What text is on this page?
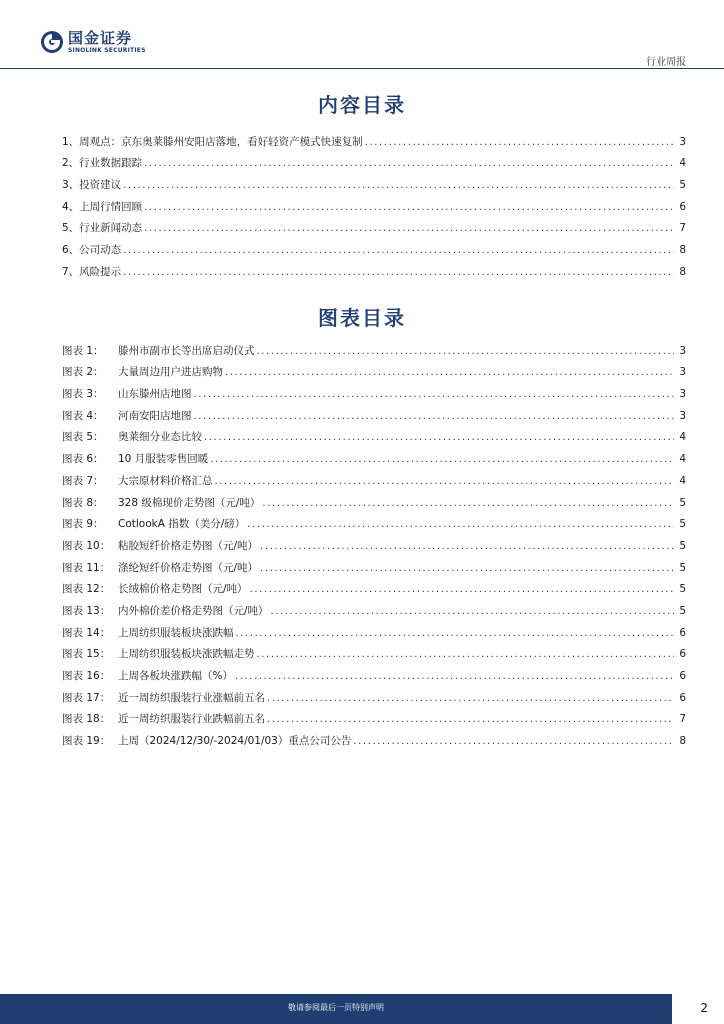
国金证券
SINOLINK SECURITIES
行业周报
内容目录
1、周观点：京东奥莱滕州安阳店落地，看好轻资产模式快速复制 .....	3
2、行业数据跟踪 .....	4
3、投资建议 .....	5
4、上周行情回顾 .....	6
5、行业新闻动态 .....	7
6、公司动态 .....	8
7、风险提示 .....	8
图表目录
图表 1： 滕州市副市长等出席启动仪式 .....	3
图表 2： 大量周边用户进店购物 .....	3
图表 3： 山东滕州店地图 .....	3
图表 4： 河南安阳店地图 .....	3
图表 5： 奥莱细分业态比较 .....	4
图表 6： 10 月服装零售回暖 .....	4
图表 7： 大宗原材料价格汇总 .....	4
图表 8： 328 级棉现价走势图（元/吨） .....	5
图表 9： CotlookA 指数（美分/磅） .....	5
图表 10： 粘胶短纤价格走势图（元/吨） .....	5
图表 11： 涤纶短纤价格走势图（元/吨） .....	5
图表 12： 长绒棉价格走势图（元/吨） .....	5
图表 13： 内外棉价差价格走势图（元/吨） .....	5
图表 14： 上周纺织服装板块涨跌幅 .....	6
图表 15： 上周纺织服装板块涨跌幅走势 .....	6
图表 16： 上周各板块涨跌幅（%） .....	6
图表 17： 近一周纺织服装行业涨幅前五名 .....	6
图表 18： 近一周纺织服装行业跌幅前五名 .....	7
图表 19： 上周（2024/12/30/-2024/01/03）重点公司公告 .....	8
敬请参阅最后一页特别声明	2
